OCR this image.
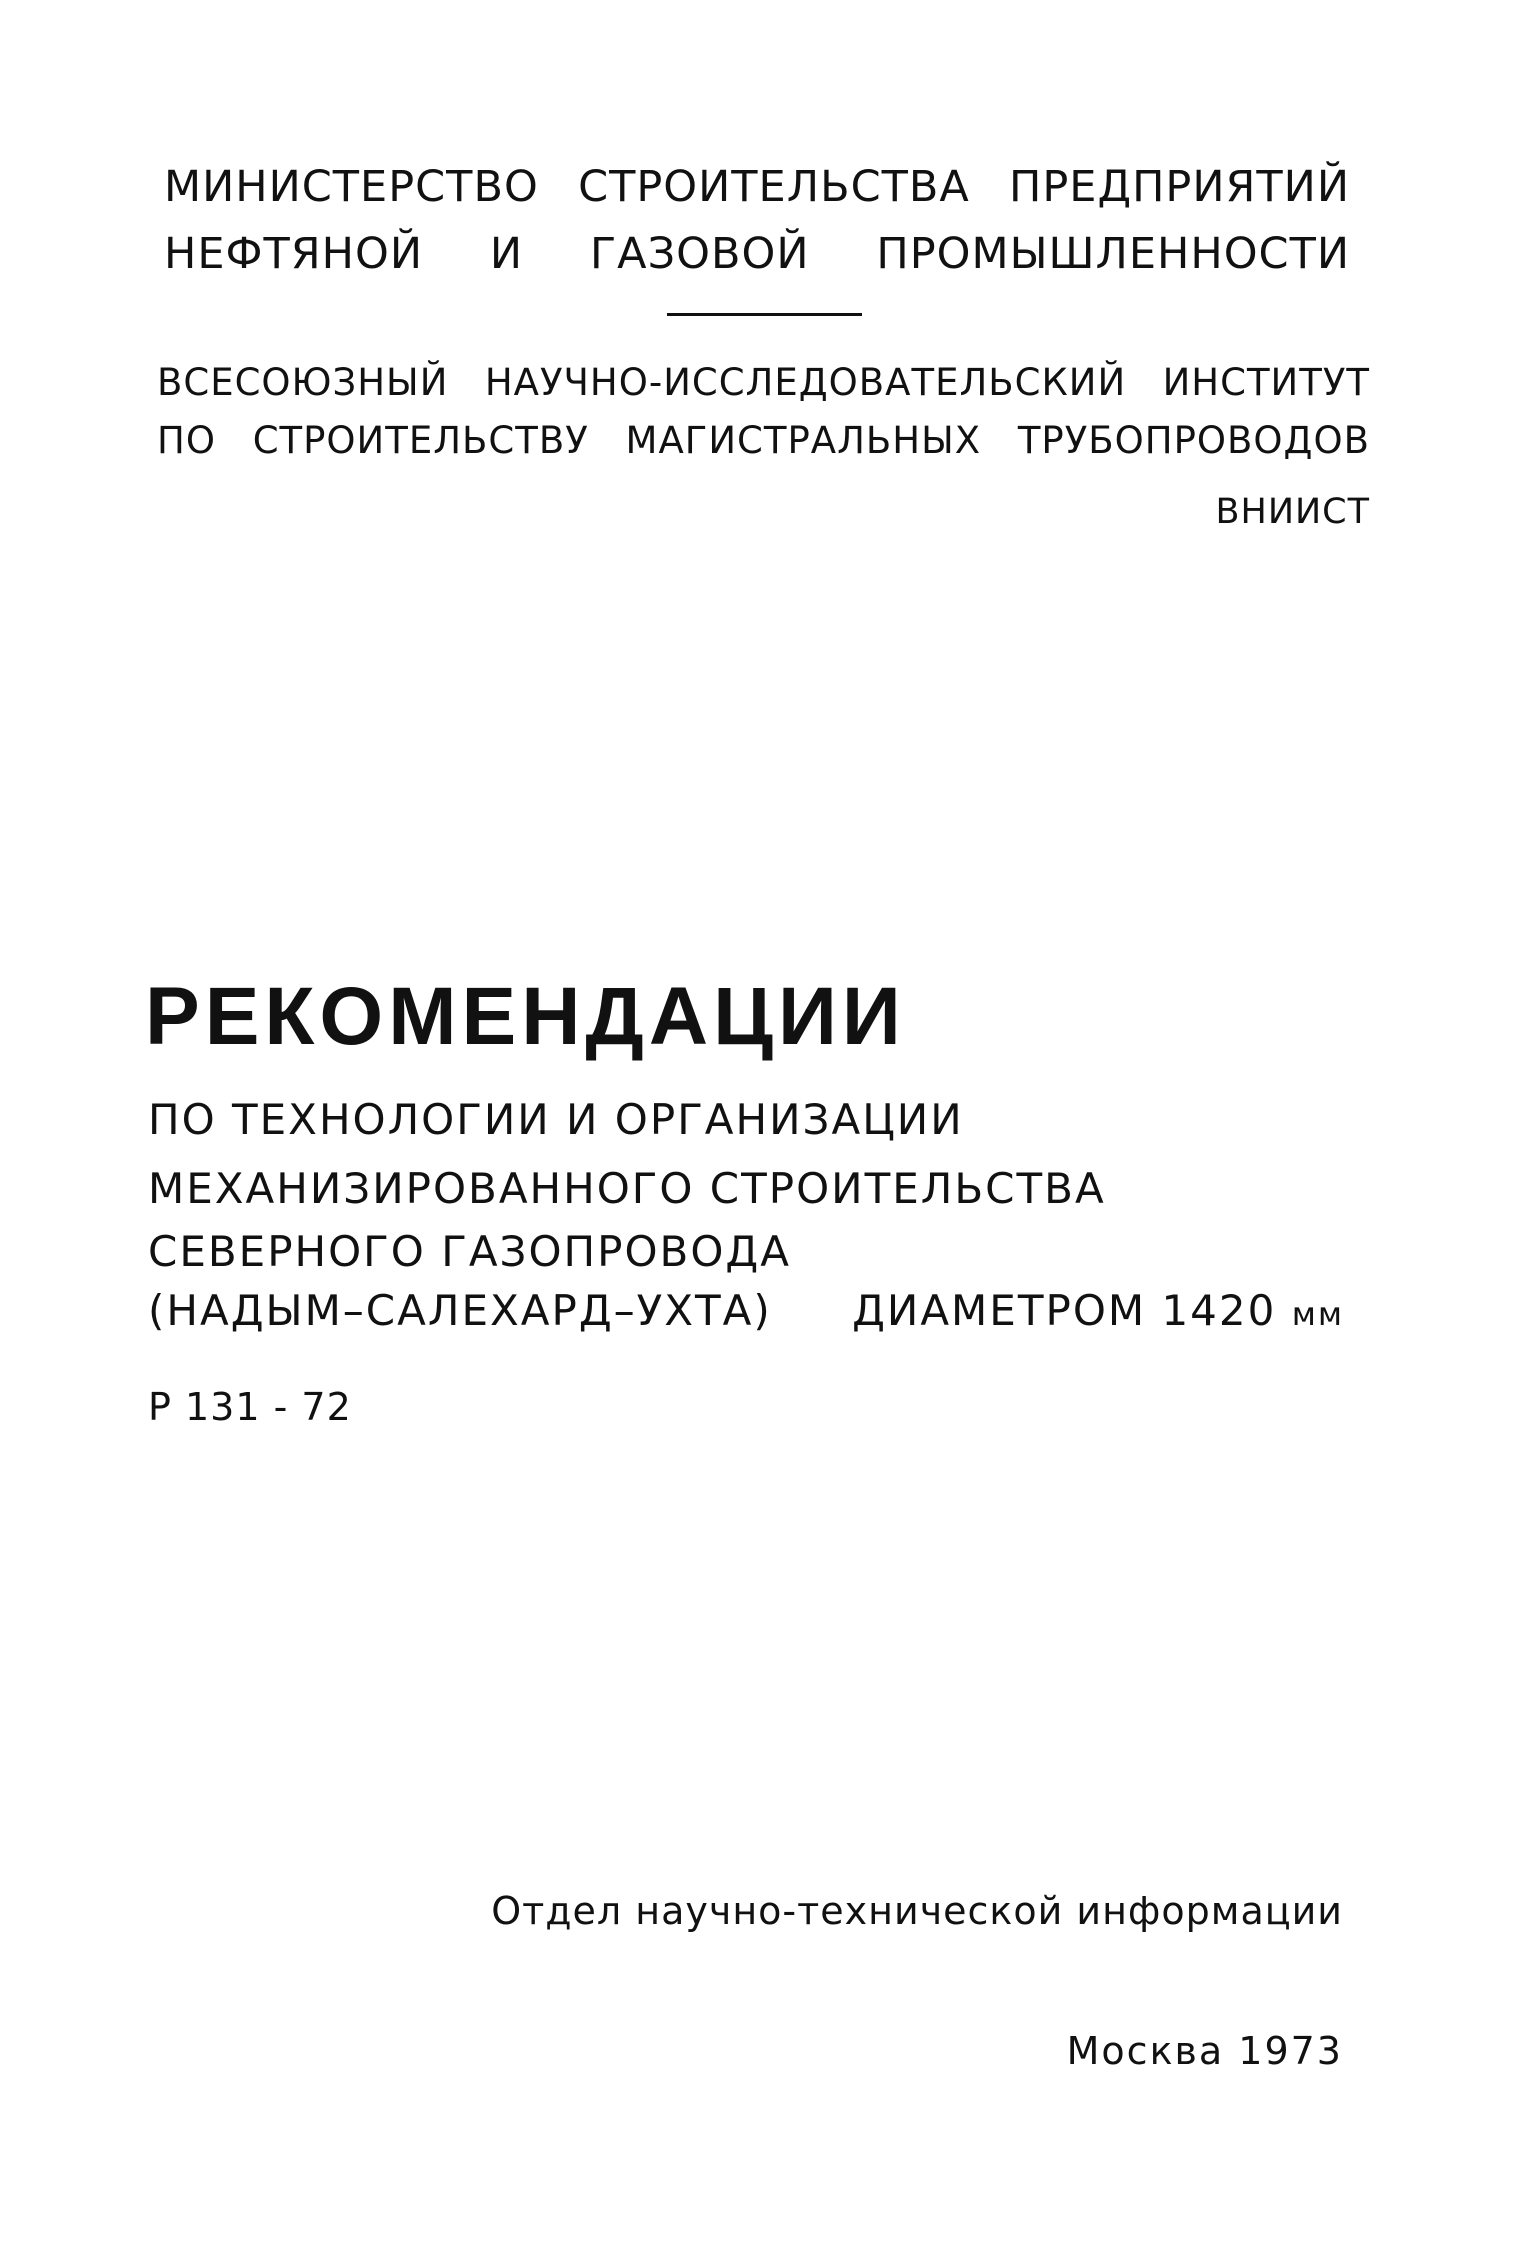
МИНИСТЕРСТВО СТРОИТЕЛЬСТВА ПРЕДПРИЯТИЙ
НЕФТЯНОЙ И ГАЗОВОЙ ПРОМЫШЛЕННОСТИ
ВСЕСОЮЗНЫЙ НАУЧНО-ИССЛЕДОВАТЕЛЬСКИЙ ИНСТИТУТ
ПО СТРОИТЕЛЬСТВУ МАГИСТРАЛЬНЫХ ТРУБОПРОВОДОВ
ВНИИСТ
РЕКОМЕНДАЦИИ
ПО ТЕХНОЛОГИИ И ОРГАНИЗАЦИИ
МЕХАНИЗИРОВАННОГО СТРОИТЕЛЬСТВА
СЕВЕРНОГО ГАЗОПРОВОДА
(НАДЫМ–САЛЕХАРД–УХТА) ДИАМЕТРОМ 1420 мм
Р 131 - 72
Отдел научно-технической информации
Москва 1973
